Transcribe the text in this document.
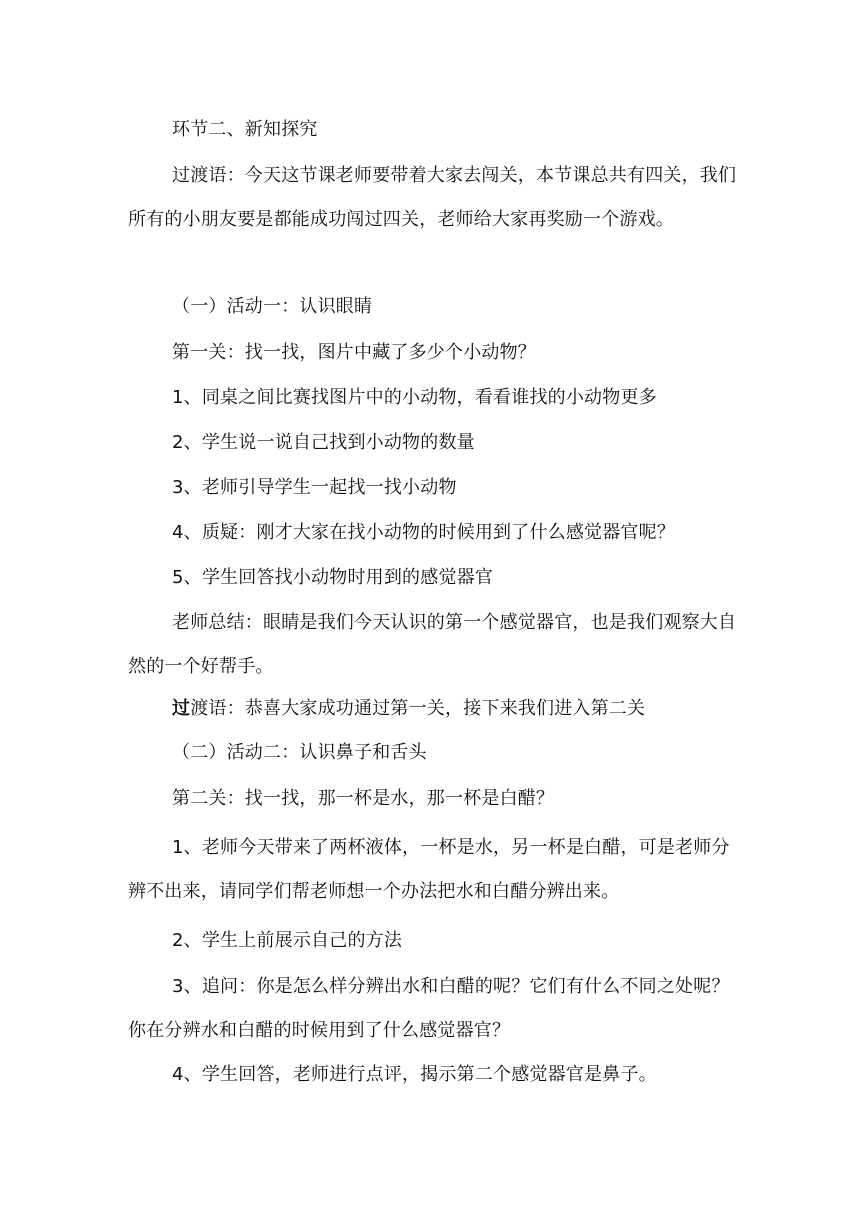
环节二、新知探究
过渡语：今天这节课老师要带着大家去闯关，本节课总共有四关，我们所有的小朋友要是都能成功闯过四关，老师给大家再奖励一个游戏。
（一）活动一：认识眼睛
第一关：找一找，图片中藏了多少个小动物？
1、同桌之间比赛找图片中的小动物，看看谁找的小动物更多
2、学生说一说自己找到小动物的数量
3、老师引导学生一起找一找小动物
4、质疑：刚才大家在找小动物的时候用到了什么感觉器官呢？
5、学生回答找小动物时用到的感觉器官
老师总结：眼睛是我们今天认识的第一个感觉器官，也是我们观察大自然的一个好帮手。
过渡语：恭喜大家成功通过第一关，接下来我们进入第二关
（二）活动二：认识鼻子和舌头
第二关：找一找，那一杯是水，那一杯是白醋？
1、老师今天带来了两杯液体，一杯是水，另一杯是白醋，可是老师分辨不出来，请同学们帮老师想一个办法把水和白醋分辨出来。
2、学生上前展示自己的方法
3、追问：你是怎么样分辨出水和白醋的呢？它们有什么不同之处呢？你在分辨水和白醋的时候用到了什么感觉器官？
4、学生回答，老师进行点评，揭示第二个感觉器官是鼻子。
